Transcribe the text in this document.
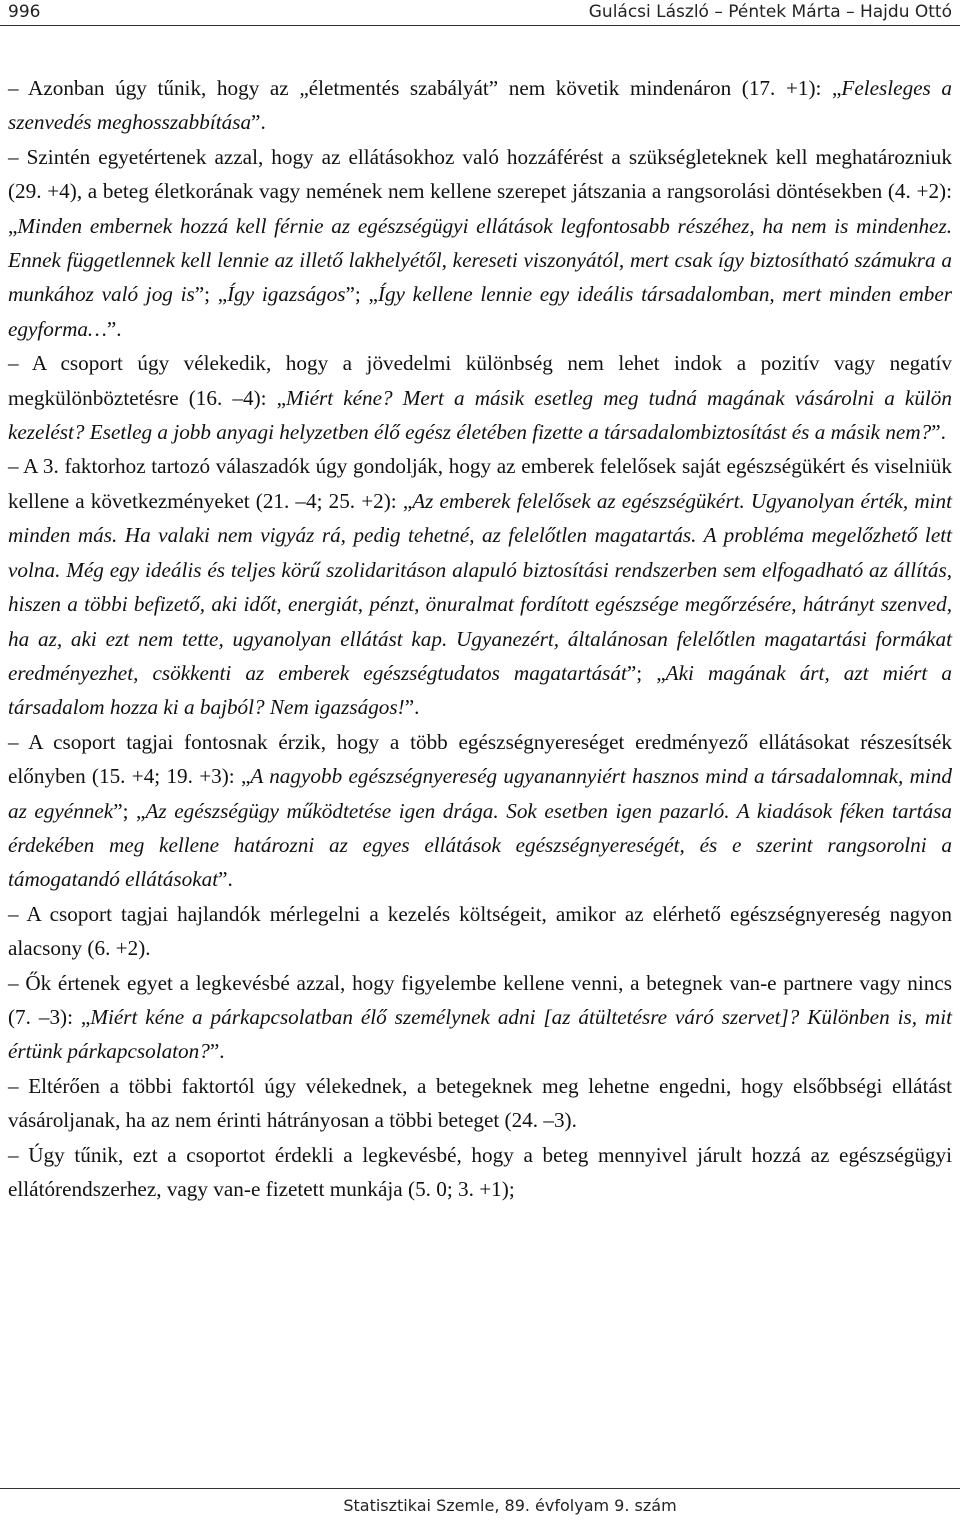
996	Gulácsi László – Péntek Márta – Hajdu Ottó

– Azonban úgy tűnik, hogy az „életmentés szabályát” nem követik mindenáron (17. +1): „Felesleges a szenvedés meghosszabbítása”.

– Szintén egyetértenek azzal, hogy az ellátásokhoz való hozzáférést a szükségleteknek kell meghatározniuk (29. +4), a beteg életkorának vagy nemének nem kellene szerepet játszania a rangsorolási döntésekben (4. +2): „Minden embernek hozzá kell férnie az egészségügyi ellátások legfontosabb részéhez, ha nem is mindenhez. Ennek függetlennek kell lennie az illető lakhelyétől, kereseti viszonyától, mert csak így biztosítható számukra a munkához való jog is”; „Így igazságos”; „Így kellene lennie egy ideális társadalomban, mert minden ember egyforma…”.

– A csoport úgy vélekedik, hogy a jövedelmi különbség nem lehet indok a pozitív vagy negatív megkülönböztetésre (16. –4): „Miért kéne? Mert a másik esetleg meg tudná magának vásárolni a külön kezelést? Esetleg a jobb anyagi helyzetben élő egész életében fizette a társadalombiztosítást és a másik nem?”.

– A 3. faktorhoz tartozó válaszadók úgy gondolják, hogy az emberek felelősek saját egészségükért és viselniük kellene a következményeket (21. –4; 25. +2): „Az emberek felelősek az egészségükért. Ugyanolyan érték, mint minden más. Ha valaki nem vigyáz rá, pedig tehetné, az felelőtlen magatartás. A probléma megelőzhető lett volna. Még egy ideális és teljes körű szolidaritáson alapuló biztosítási rendszerben sem elfogadható az állítás, hiszen a többi befizető, aki időt, energiát, pénzt, önuralmat fordított egészsége megőrzésére, hátrányt szenved, ha az, aki ezt nem tette, ugyanolyan ellátást kap. Ugyanezért, általánosan felelőtlen magatartási formákat eredményezhet, csökkenti az emberek egészségtudatos magatartását”; „Aki magának árt, azt miért a társadalom hozza ki a bajból? Nem igazságos!”.

– A csoport tagjai fontosnak érzik, hogy a több egészségnyereséget eredményező ellátásokat részesítsék előnyben (15. +4; 19. +3): „A nagyobb egészségnyereség ugyanannyiért hasznos mind a társadalomnak, mind az egyénnek”; „Az egészségügy működtetése igen drága. Sok esetben igen pazarló. A kiadások féken tartása érdekében meg kellene határozni az egyes ellátások egészségnyereségét, és e szerint rangsorolni a támogatandó ellátásokat”.

– A csoport tagjai hajlandók mérlegelni a kezelés költségeit, amikor az elérhető egészségnyereség nagyon alacsony (6. +2).

– Ők értenek egyet a legkevésbé azzal, hogy figyelembe kellene venni, a betegnek van-e partnere vagy nincs (7. –3): „Miért kéne a párkapcsolatban élő személynek adni [az átültetésre váró szervet]? Különben is, mit értünk párkapcsolaton?”.

– Eltérően a többi faktortól úgy vélekednek, a betegeknek meg lehetne engedni, hogy elsőbbségi ellátást vásároljanak, ha az nem érinti hátrányosan a többi beteget (24. –3).

– Úgy tűnik, ezt a csoportot érdekli a legkevésbé, hogy a beteg mennyivel járult hozzá az egészségügyi ellátórendszerhez, vagy van-e fizetett munkája (5. 0; 3. +1);

Statisztikai Szemle, 89. évfolyam 9. szám
